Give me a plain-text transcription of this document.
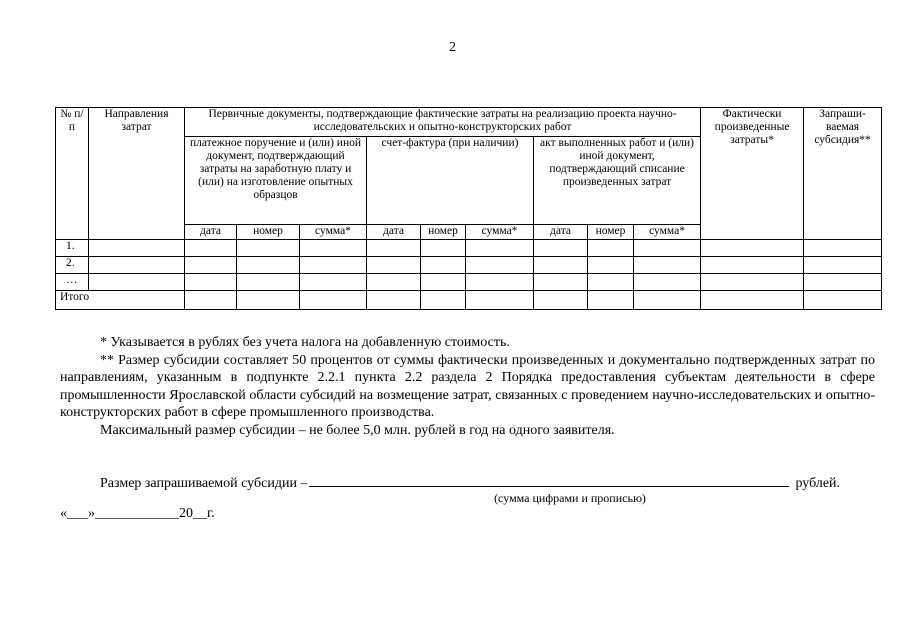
2
№ п/п	Направления затрат	Первичные документы, подтверждающие фактические затраты на реализацию проекта научно-исследовательских и опытно-конструкторских работ									Фактически произведенные затраты*	Запраши-ваемая субсидия**
		платежное поручение и (или) иной документ, подтверждающий затраты на заработную плату и (или) на изготовление опытных образцов			счет-фактура (при наличии)			акт выполненных работ и (или) иной документ, подтверждающий списание произведенных затрат				
		дата	номер	сумма*	дата	номер	сумма*	дата	номер	сумма*		
1.												
2.												
…												
Итого												

* Указывается в рублях без учета налога на добавленную стоимость.

** Размер субсидии составляет 50 процентов от суммы фактически произведенных и документально подтвержденных затрат по направлениям, указанным в подпункте 2.2.1 пункта 2.2 раздела 2 Порядка предоставления субъектам деятельности в сфере промышленности Ярославской области субсидий на возмещение затрат, связанных с проведением научно-исследовательских и опытно-конструкторских работ в сфере промышленного производства.

Максимальный размер субсидии – не более 5,0 млн. рублей в год на одного заявителя.

Размер запрашиваемой субсидии –	рублей.
(сумма цифрами и прописью)
«___»____________20__г.
